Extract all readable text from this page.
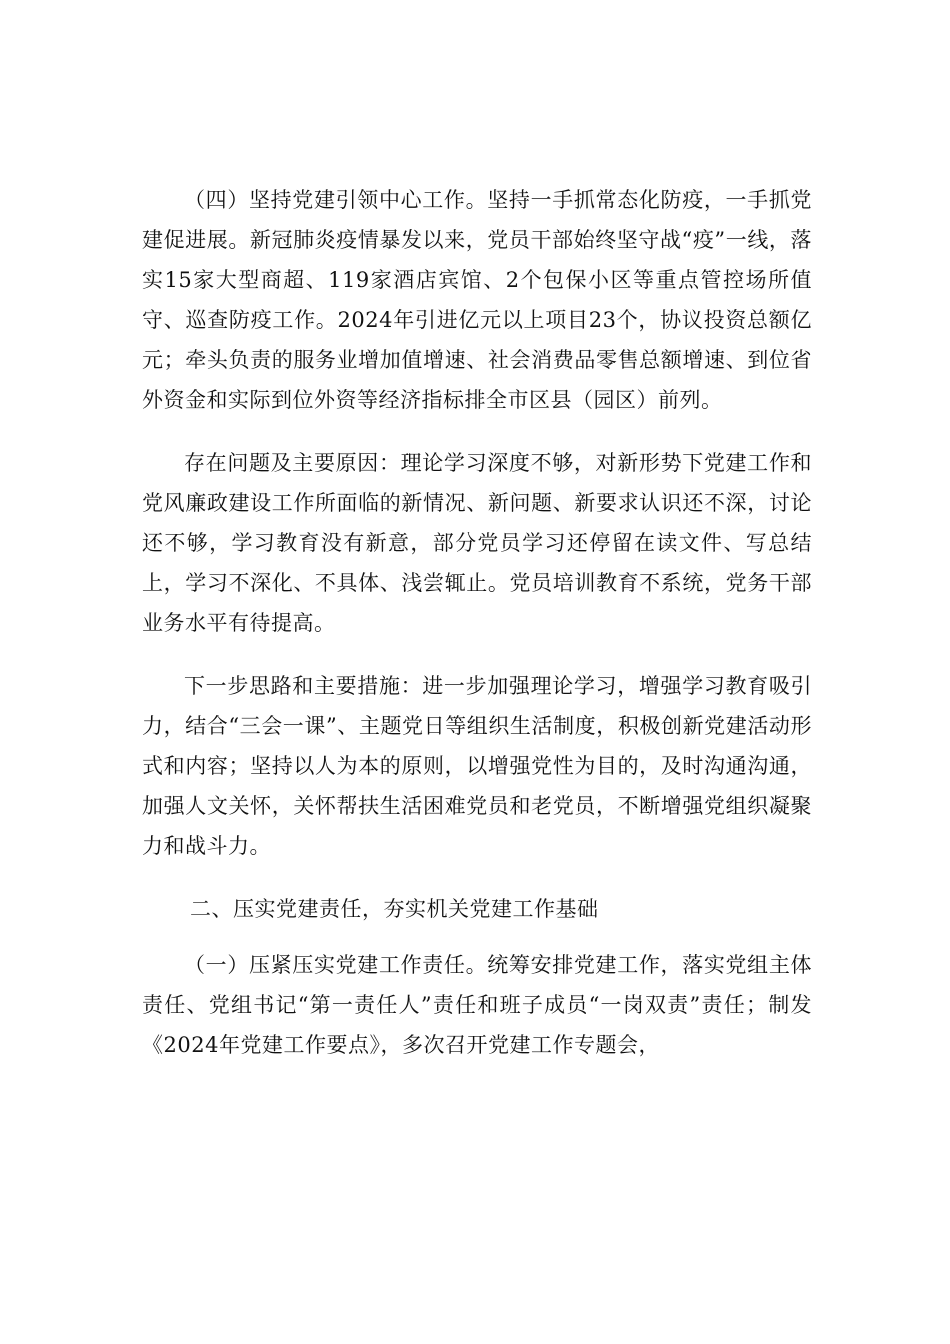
（四）坚持党建引领中心工作。坚持一手抓常态化防疫，一手抓党建促进展。新冠肺炎疫情暴发以来，党员干部始终坚守战“疫”一线，落实15家大型商超、119家酒店宾馆、2个包保小区等重点管控场所值守、巡查防疫工作。2024年引进亿元以上项目23个，协议投资总额亿元；牵头负责的服务业增加值增速、社会消费品零售总额增速、到位省外资金和实际到位外资等经济指标排全市区县（园区）前列。

存在问题及主要原因：理论学习深度不够，对新形势下党建工作和党风廉政建设工作所面临的新情况、新问题、新要求认识还不深，讨论还不够，学习教育没有新意，部分党员学习还停留在读文件、写总结上，学习不深化、不具体、浅尝辄止。党员培训教育不系统，党务干部业务水平有待提高。

下一步思路和主要措施：进一步加强理论学习，增强学习教育吸引力，结合“三会一课”、主题党日等组织生活制度，积极创新党建活动形式和内容；坚持以人为本的原则，以增强党性为目的，及时沟通沟通，加强人文关怀，关怀帮扶生活困难党员和老党员，不断增强党组织凝聚力和战斗力。

二、压实党建责任，夯实机关党建工作基础

（一）压紧压实党建工作责任。统筹安排党建工作，落实党组主体责任、党组书记“第一责任人”责任和班子成员“一岗双责”责任；制发《2024年党建工作要点》，多次召开党建工作专题会，
